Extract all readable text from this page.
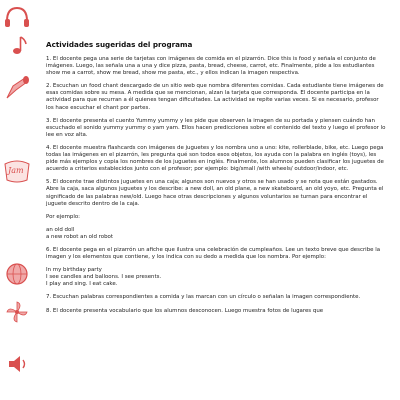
Jam
Actividades sugeridas del programa

1. El docente pega una serie de tarjetas con imágenes de comida en el pizarrón. Dice this is food y señala el conjunto de imágenes. Luego, las señala una a una y dice pizza, pasta, bread, cheese, carrot, etc. Finalmente, pide a los estudiantes show me a carrot, show me bread, show me pasta, etc., y ellos indican la imagen respectiva.

2. Escuchan un food chant descargado de un sitio web que nombra diferentes comidas. Cada estudiante tiene imágenes de esas comidas sobre su mesa. A medida que se mencionan, alzan la tarjeta que corresponda. El docente participa en la actividad para que recurran a él quienes tengan dificultades. La actividad se repite varias veces. Si es necesario, profesor los hace escuchar el chant por partes.

3. El docente presenta el cuento Yummy yummy y les pide que observen la imagen de su portada y piensen cuándo han escuchado el sonido yummy yummy o yam yam. Ellos hacen predicciones sobre el contenido del texto y luego el profesor lo lee en voz alta.

4. El docente muestra flashcards con imágenes de juguetes y los nombra uno a uno: kite, rollerblade, bike, etc. Luego pega todas las imágenes en el pizarrón, les pregunta qué son todos esos objetos, los ayuda con la palabra en inglés (toys), les pide más ejemplos y copia los nombres de los juguetes en inglés. Finalmente, los alumnos pueden clasificar los juguetes de acuerdo a criterios establecidos junto con el profesor; por ejemplo: big/small /with wheels/ outdoor/indoor, etc.

5. El docente trae distintos juguetes en una caja; algunos son nuevos y otros se han usado y se nota que están gastados. Abre la caja, saca algunos juguetes y los describe: a new doll, an old plane, a new skateboard, an old yoyo, etc. Pregunta el significado de las palabras new/old. Luego hace otras descripciones y algunos voluntarios se turnan para encontrar el juguete descrito dentro de la caja.

Por ejemplo:

an old doll
a new robot an old robot

6. El docente pega en el pizarrón un afiche que ilustra una celebración de cumpleaños. Lee un texto breve que describe la imagen y los elementos que contiene, y los indica con su dedo a medida que los nombra. Por ejemplo:

In my birthday party
I see candles and balloons. I see presents.
I play and sing. I eat cake.

7. Escuchan palabras correspondientes a comida y las marcan con un círculo o señalan la imagen correspondiente.

8. El docente presenta vocabulario que los alumnos desconocen. Luego muestra fotos de lugares que
